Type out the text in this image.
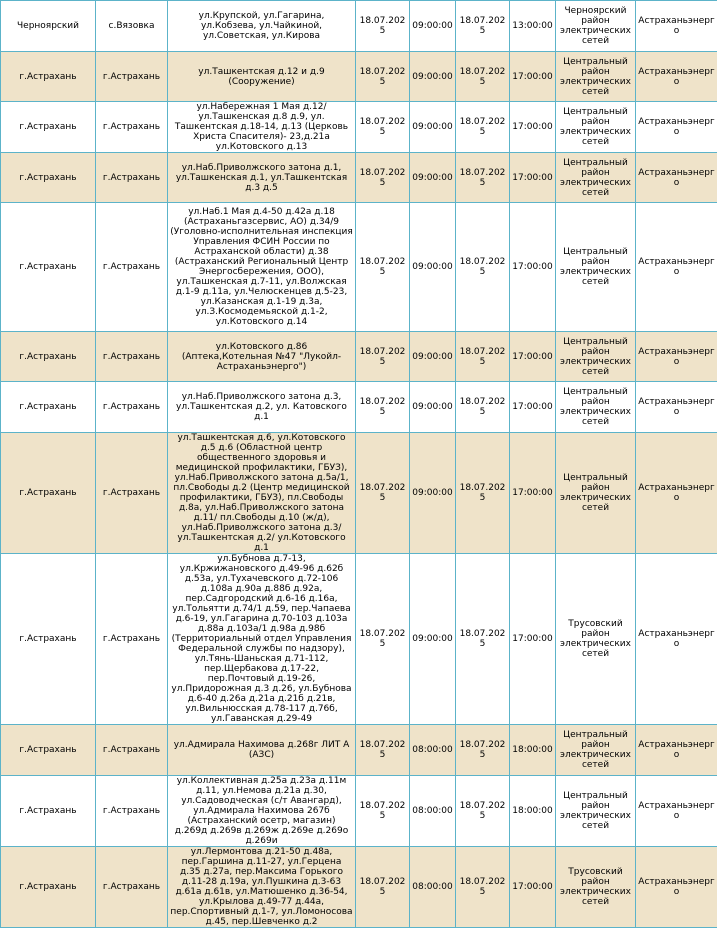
Черноярский	с.Вязовка	ул.Крупской, ул.Гагарина, ул.Кобзева, ул.Чайкиной, ул.Советская, ул.Кирова	18.07.2025	09:00:00	18.07.2025	13:00:00	Черноярский район электрических сетей	Астраханьэнерго
г.Астрахань	г.Астрахань	ул.Ташкентская д.12 и д.9 (Сооружение)	18.07.2025	09:00:00	18.07.2025	17:00:00	Центральный район электрических сетей	Астраханьэнерго
г.Астрахань	г.Астрахань	ул.Набережная 1 Мая д.12/ ул.Ташкенская д.8 д.9, ул. Ташкентская д.18-14, д.13 (Церковь Христа Спасителя)- 23,д.21а ул.Котовского д.13	18.07.2025	09:00:00	18.07.2025	17:00:00	Центральный район электрических сетей	Астраханьэнерго
г.Астрахань	г.Астрахань	ул.Наб.Приволжского затона д.1, ул.Ташкенская д.1, ул.Ташкентская д.3 д.5	18.07.2025	09:00:00	18.07.2025	17:00:00	Центральный район электрических сетей	Астраханьэнерго
г.Астрахань	г.Астрахань	ул.Наб.1 Мая д.4-50 д.42а д.18 (Астраханьгазсервис, АО) д.34/9 (Уголовно-исполнительная инспекция Управления ФСИН России по Астраханской области) д.38 (Астраханский Региональный Центр Энергосбережения, ООО), ул.Ташкенская д.7-11, ул.Волжская д.1-9 д.11а, ул.Челюскенцев д.5-23, ул.Казанская д.1-19 д.3а, ул.З.Космодемьяской д.1-2, ул.Котовского д.14	18.07.2025	09:00:00	18.07.2025	17:00:00	Центральный район электрических сетей	Астраханьэнерго
г.Астрахань	г.Астрахань	ул.Котовского д.86 (Аптека,Котельная №47 "Лукойл- Астраханьэнерго")	18.07.2025	09:00:00	18.07.2025	17:00:00	Центральный район электрических сетей	Астраханьэнерго
г.Астрахань	г.Астрахань	ул.Наб.Приволжского затона д.3, ул.Ташкентская д.2, ул. Катовского д.1	18.07.2025	09:00:00	18.07.2025	17:00:00	Центральный район электрических сетей	Астраханьэнерго
г.Астрахань	г.Астрахань	ул.Ташкентская д.6, ул.Котовского д.5 д.6 (Областной центр общественного здоровья и медицинской профилактики, ГБУЗ), ул.Наб.Приволжского затона д.5а/1, пл.Свободы д.2 (Центр медицинской профилактики, ГБУЗ), пл.Свободы д.8а, ул.Наб.Приволжского затона д.11/ пл.Свободы д.10 (ж/д), ул.Наб.Приволжского затона д.3/ ул.Ташкентская д.2/ ул.Котовского д.1	18.07.2025	09:00:00	18.07.2025	17:00:00	Центральный район электрических сетей	Астраханьэнерго
г.Астрахань	г.Астрахань	ул.Бубнова д.7-13, ул.Кржижановского д.49-96 д.62б д.53а, ул.Тухачевского д.72-106 д.108а д.90а д.88б д.92а, пер.Садгородский д.6-16 д.16а, ул.Тольятти д.74/1 д.59, пер.Чапаева д.6-19, ул.Гагарина д.70-103 д.103а д.88а д.103а/1 д.98а д.98б (Территориальный отдел Управления Федеральной службы по надзору), ул.Тянь-Шаньская д.71-112, пер.Щербакова д.17-22, пер.Почтовый д.19-26, ул.Придорожная д.3 д.26, ул.Бубнова д.6-40 д.26а д.21а д.21б д.21в, ул.Вильнюсская д.78-117 д.76б, ул.Гаванская д.29-49	18.07.2025	09:00:00	18.07.2025	17:00:00	Трусовский район электрических сетей	Астраханьэнерго
г.Астрахань	г.Астрахань	ул.Адмирала Нахимова д.268г ЛИТ А (АЗС)	18.07.2025	08:00:00	18.07.2025	18:00:00	Центральный район электрических сетей	Астраханьэнерго
г.Астрахань	г.Астрахань	ул.Коллективная д.25а д.23а д.11м д.11, ул.Немова д.21а д.30, ул.Садоводческая (с/т Авангард), ул.Адмирала Нахимова 267б (Астраханский осетр, магазин) д.269д д.269в д.269ж д.269е д.269о д.269и	18.07.2025	08:00:00	18.07.2025	18:00:00	Центральный район электрических сетей	Астраханьэнерго
г.Астрахань	г.Астрахань	ул.Лермонтова д.21-50 д.48а, пер.Гаршина д.11-27, ул.Герцена д.35 д.27а, пер.Максима Горького д.11-28 д.19а, ул.Пушкина д.3-63 д.61а д.61в, ул.Матюшенко д.36-54, ул.Крылова д.49-77 д.44а, пер.Спортивный д.1-7, ул.Ломоносова д.45, пер.Шевченко д.2	18.07.2025	08:00:00	18.07.2025	17:00:00	Трусовский район электрических сетей	Астраханьэнерго
